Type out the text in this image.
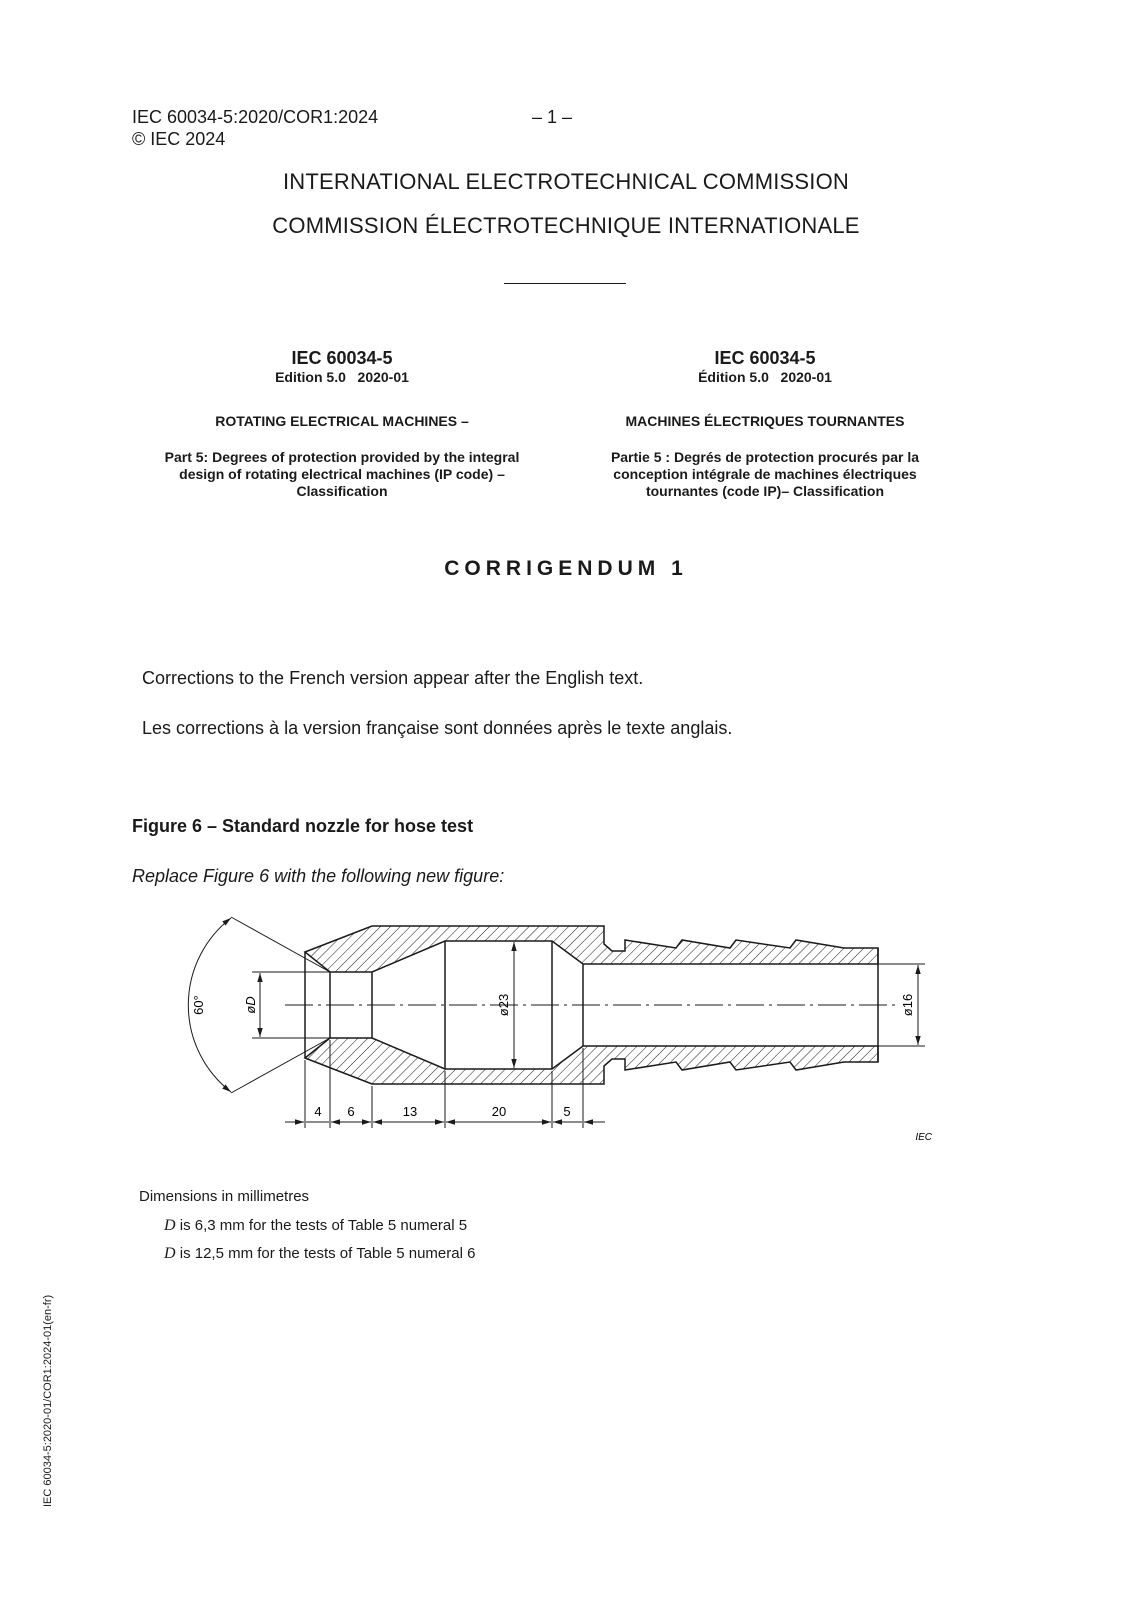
IEC 60034-5:2020/COR1:2024
© IEC 2024
– 1 –
INTERNATIONAL ELECTROTECHNICAL COMMISSION
COMMISSION ÉLECTROTECHNIQUE INTERNATIONALE
IEC 60034-5
Edition 5.0   2020-01
ROTATING ELECTRICAL MACHINES –
Part 5: Degrees of protection provided by the integral design of rotating electrical machines (IP code) – Classification
IEC 60034-5
Édition 5.0   2020-01
MACHINES ÉLECTRIQUES TOURNANTES
Partie 5 : Degrés de protection procurés par la conception intégrale de machines électriques tournantes (code IP)– Classification
CORRIGENDUM 1
Corrections to the French version appear after the English text.
Les corrections à la version française sont données après le texte anglais.
Figure 6 – Standard nozzle for hose test
Replace Figure 6 with the following new figure:
60°	øD	ø23	ø16
4 6	13	20	5
IEC
Dimensions in millimetres
D is 6,3 mm for the tests of Table 5 numeral 5
D is 12,5 mm for the tests of Table 5 numeral 6
IEC 60034-5:2020-01/COR1:2024-01(en-fr)
